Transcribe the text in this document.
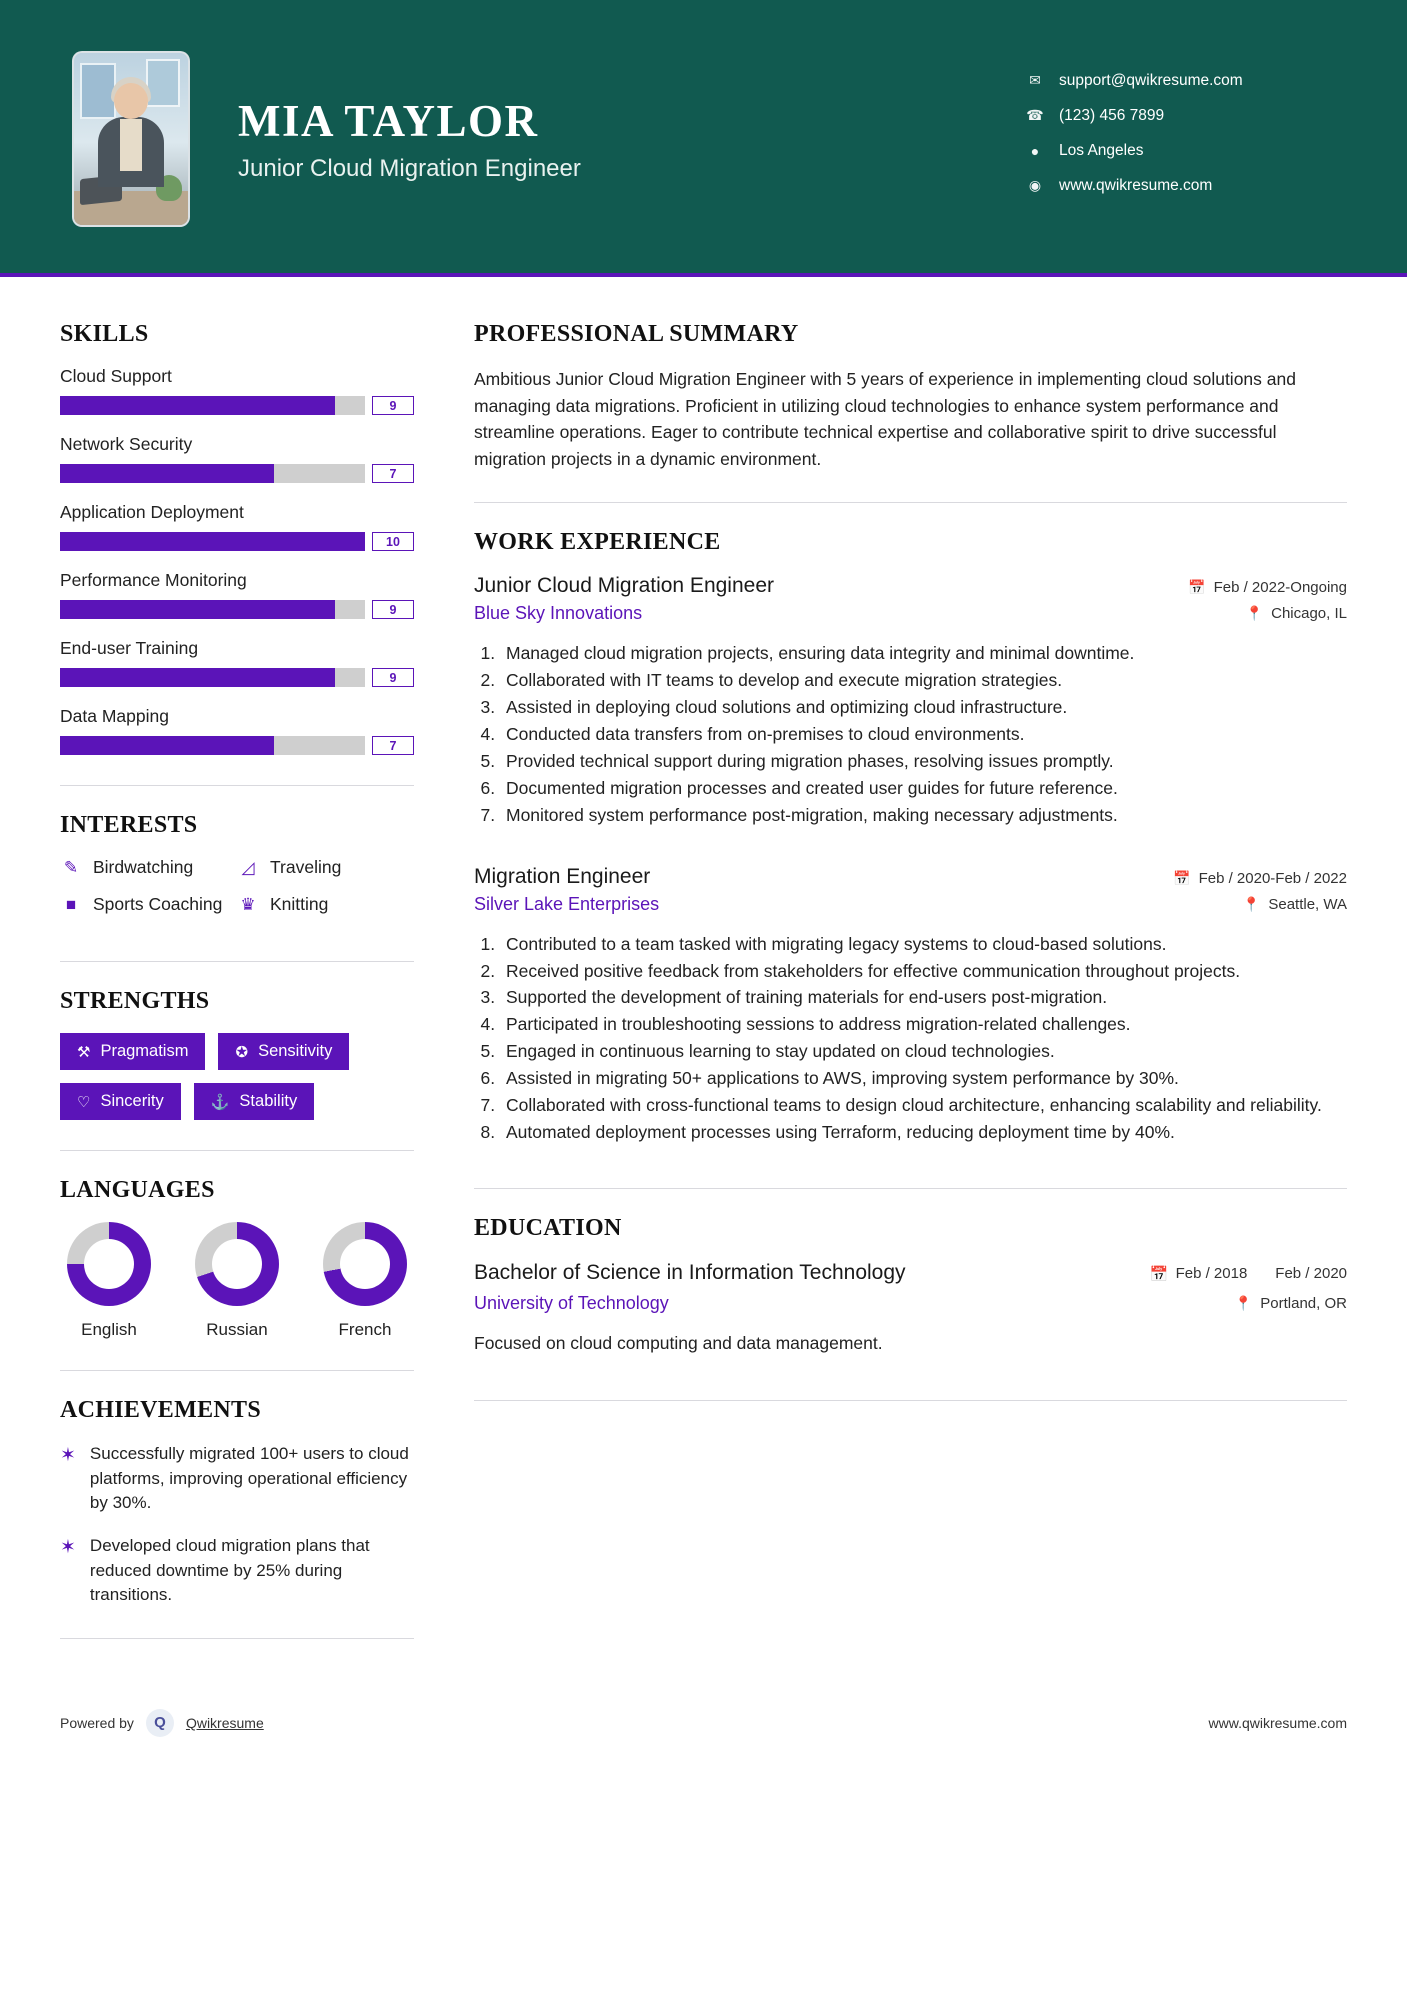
MIA TAYLOR
Junior Cloud Migration Engineer
✉ support@qwikresume.com
☎ (123) 456 7899
●	Los Angeles
◉ www.qwikresume.com
SKILLS
Cloud Support
9
Network Security
7
Application Deployment
10
Performance Monitoring
9
End-user Training
9
Data Mapping
7
INTERESTS
✎ Birdwatching	◿ Traveling
■ Sports Coaching ♛ Knitting
STRENGTHS
⚒ Pragmatism	✪ Sensitivity
♡ Sincerity	⚓ Stability
LANGUAGES
English	Russian	French
ACHIEVEMENTS
✶ Successfully migrated 100+ users to cloud platforms, improving operational efficiency by 30%.
✶ Developed cloud migration plans that reduced downtime by 25% during transitions.
PROFESSIONAL SUMMARY
Ambitious Junior Cloud Migration Engineer with 5 years of experience in implementing cloud solutions and managing data migrations. Proficient in utilizing cloud technologies to enhance system performance and streamline operations. Eager to contribute technical expertise and collaborative spirit to drive successful migration projects in a dynamic environment.
WORK EXPERIENCE
Junior Cloud Migration Engineer
Blue Sky Innovations
📅 Feb / 2022-Ongoing
📍 Chicago, IL
1. Managed cloud migration projects, ensuring data integrity and minimal downtime.
2. Collaborated with IT teams to develop and execute migration strategies.
3. Assisted in deploying cloud solutions and optimizing cloud infrastructure.
4. Conducted data transfers from on-premises to cloud environments.
5. Provided technical support during migration phases, resolving issues promptly.
6. Documented migration processes and created user guides for future reference.
7. Monitored system performance post-migration, making necessary adjustments.
Migration Engineer
Silver Lake Enterprises
📅 Feb / 2020-Feb / 2022
📍 Seattle, WA
1. Contributed to a team tasked with migrating legacy systems to cloud-based solutions.
2. Received positive feedback from stakeholders for effective communication throughout projects.
3. Supported the development of training materials for end-users post-migration.
4. Participated in troubleshooting sessions to address migration-related challenges.
5. Engaged in continuous learning to stay updated on cloud technologies.
6. Assisted in migrating 50+ applications to AWS, improving system performance by 30%.
7. Collaborated with cross-functional teams to design cloud architecture, enhancing scalability and reliability.
8. Automated deployment processes using Terraform, reducing deployment time by 40%.
EDUCATION
Bachelor of Science in Information Technology
University of Technology
📅 Feb / 2018 Feb / 2020
📍 Portland, OR
Focused on cloud computing and data management.
Powered by	Q	Qwikresume	www.qwikresume.com
